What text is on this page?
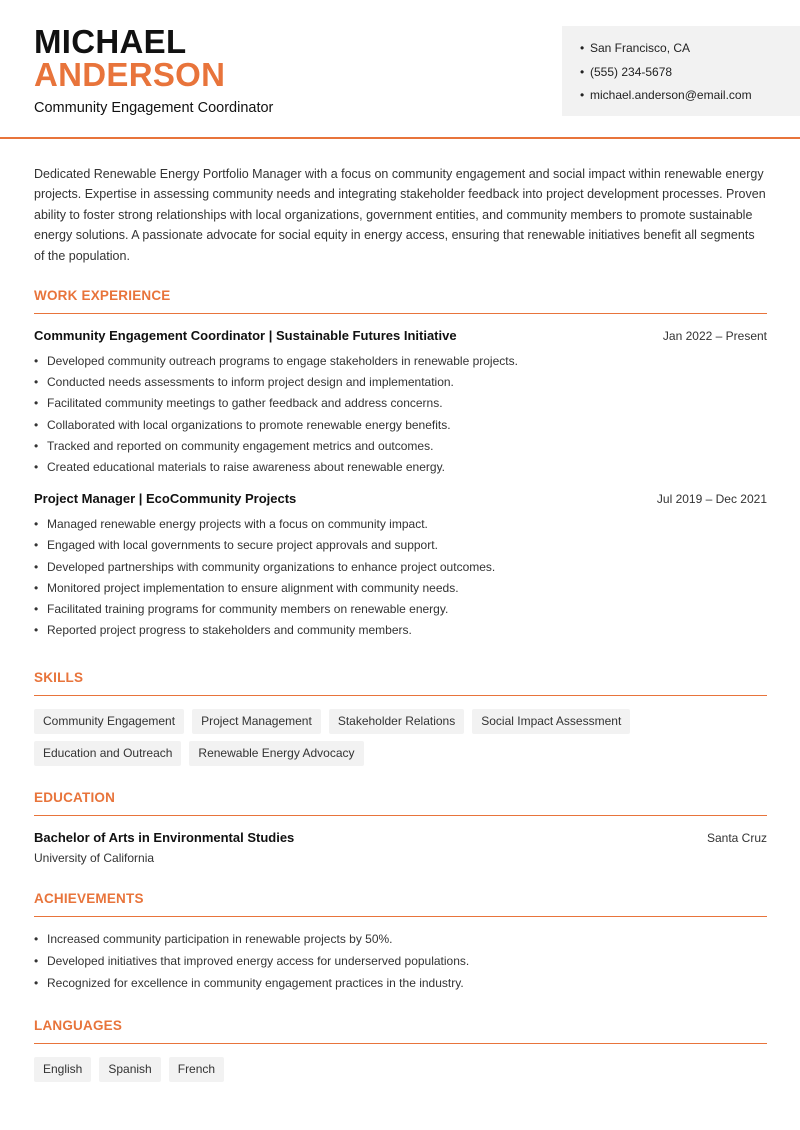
MICHAEL
ANDERSON
Community Engagement Coordinator
• San Francisco, CA
• (555) 234-5678
• michael.anderson@email.com

Dedicated Renewable Energy Portfolio Manager with a focus on community engagement and social impact within renewable energy projects. Expertise in assessing community needs and integrating stakeholder feedback into project development processes. Proven ability to foster strong relationships with local organizations, government entities, and community members to promote sustainable energy solutions. A passionate advocate for social equity in energy access, ensuring that renewable initiatives benefit all segments of the population.

WORK EXPERIENCE
Community Engagement Coordinator | Sustainable Futures Initiative	Jan 2022 – Present
• Developed community outreach programs to engage stakeholders in renewable projects.
• Conducted needs assessments to inform project design and implementation.
• Facilitated community meetings to gather feedback and address concerns.
• Collaborated with local organizations to promote renewable energy benefits.
• Tracked and reported on community engagement metrics and outcomes.
• Created educational materials to raise awareness about renewable energy.
Project Manager | EcoCommunity Projects	Jul 2019 – Dec 2021
• Managed renewable energy projects with a focus on community impact.
• Engaged with local governments to secure project approvals and support.
• Developed partnerships with community organizations to enhance project outcomes.
• Monitored project implementation to ensure alignment with community needs.
• Facilitated training programs for community members on renewable energy.
• Reported project progress to stakeholders and community members.
SKILLS
Community Engagement	Project Management	Stakeholder Relations	Social Impact Assessment
Education and Outreach	Renewable Energy Advocacy
EDUCATION
Bachelor of Arts in Environmental Studies	Santa Cruz
University of California
ACHIEVEMENTS
• Increased community participation in renewable projects by 50%.
• Developed initiatives that improved energy access for underserved populations.
• Recognized for excellence in community engagement practices in the industry.
LANGUAGES
English	Spanish	French
